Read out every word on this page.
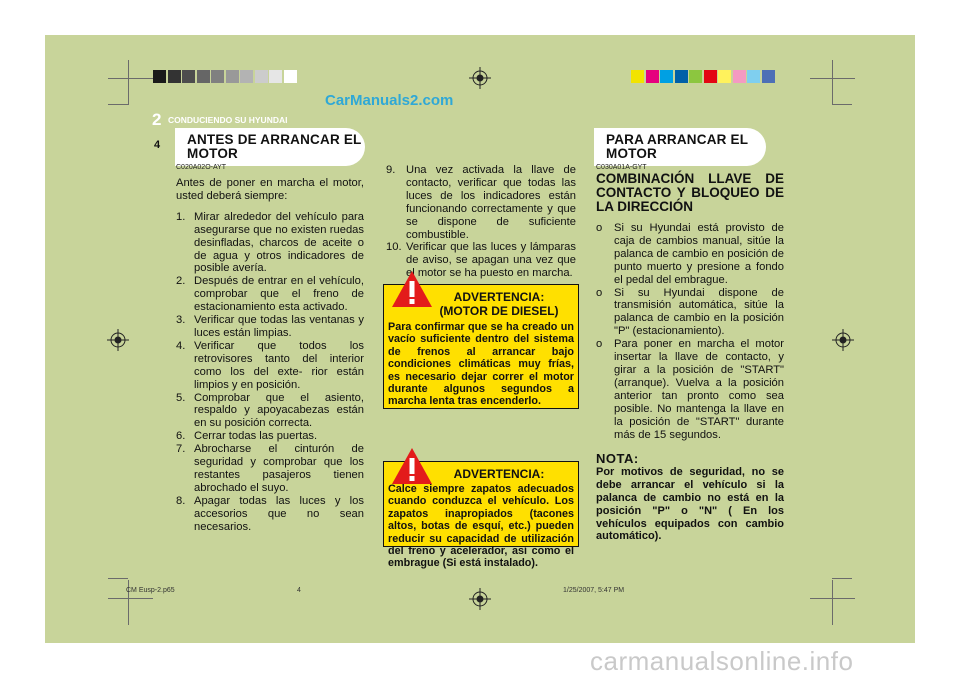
CarManuals2.com
2 CONDUCIENDO SU HYUNDAI
4 ANTES DE ARRANCAR EL
MOTOR
PARA ARRANCAR EL
MOTOR
C020A02O-AYT
Antes de poner en marcha el motor, usted deberá siempre:
1. Mirar alrededor del vehículo para asegurarse que no existen ruedas desinfladas, charcos de aceite o de agua y otros indicadores de posible avería.
2. Después de entrar en el vehículo, comprobar que el freno de estacionamiento esta activado.
3. Verificar que todas las ventanas y luces están limpias.
4. Verificar que todos los retrovisores tanto del interior como los del exte- rior están limpios y en posición.
5. Comprobar que el asiento, respaldo y apoyacabezas están en su posición correcta.
6. Cerrar todas las puertas.
7. Abrocharse el cinturón de seguridad y comprobar que los restantes pasajeros tienen abrochado el suyo.
8. Apagar todas las luces y los accesorios que no sean necesarios.
9. Una vez activada la llave de contacto, verificar que todas las luces de los indicadores están funcionando correctamente y que se dispone de suficiente combustible.
10. Verificar que las luces y lámparas de aviso, se apagan una vez que el motor se ha puesto en marcha.
ADVERTENCIA:
(MOTOR DE DIESEL)
Para confirmar que se ha creado un vacío suficiente dentro del sistema de frenos al arrancar bajo condiciones climáticas muy frías, es necesario dejar correr el motor durante algunos segundos a marcha lenta tras encenderlo.
ADVERTENCIA:
Calce siempre zapatos adecuados cuando conduzca el vehículo. Los zapatos inapropiados (tacones altos, botas de esquí, etc.) pueden reducir su capacidad de utilización del freno y acelerador, así como el embrague (Si está instalado).
C030A01A-GYT
COMBINACIÓN LLAVE DE CONTACTO Y BLOQUEO DE LA DIRECCIÓN
o Si su Hyundai está provisto de caja de cambios manual, sitúe la palanca de cambio en posición de punto muerto y presione a fondo el pedal del embrague.
o Si su Hyundai dispone de transmisión automática, sitúe la palanca de cambio en la posición "P" (estacionamiento).
o Para poner en marcha el motor insertar la llave de contacto, y girar a la posición de "START" (arranque). Vuelva a la posición anterior tan pronto como sea posible. No mantenga la llave en la posición de "START" durante más de 15 segundos.
NOTA:
Por motivos de seguridad, no se debe arrancar el vehículo si la palanca de cambio no está en la posición "P" o "N" ( En los vehículos equipados con cambio automático).
CM Eusp-2.p65	4	1/25/2007, 5:47 PM
carmanualsonline.info
